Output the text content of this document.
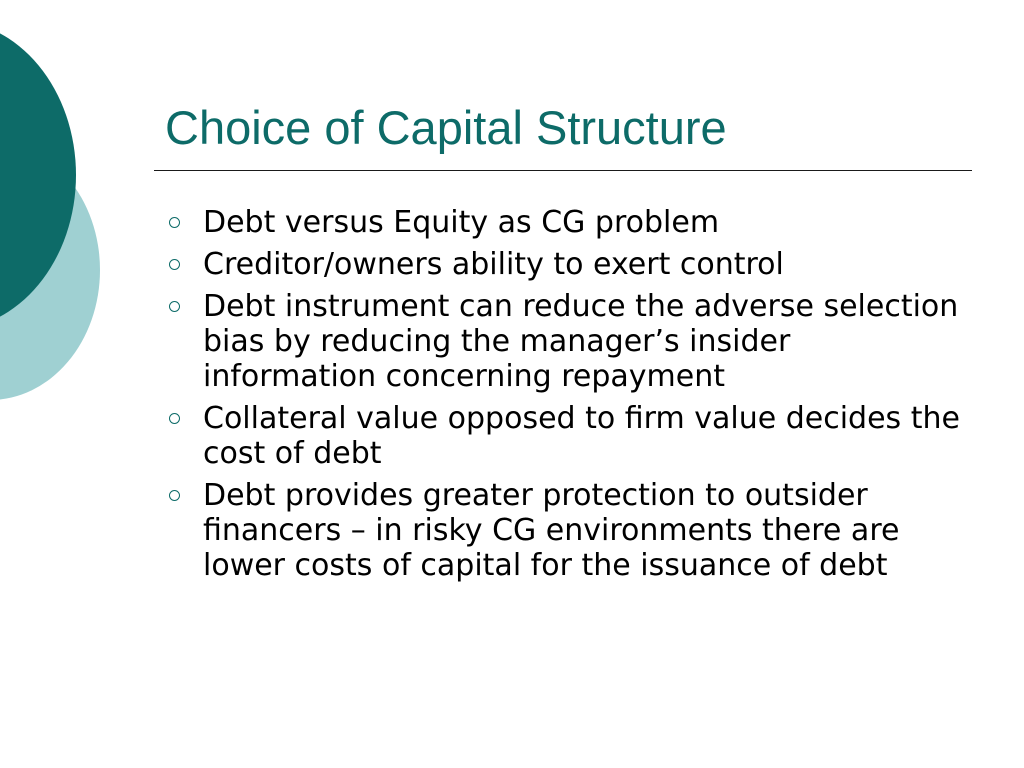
Choice of Capital Structure
Debt versus Equity as CG problem
Creditor/owners ability to exert control
Debt instrument can reduce the adverse selection bias by reducing the manager’s insider information concerning repayment
Collateral value opposed to firm value decides the cost of debt
Debt provides greater protection to outsider financers – in risky CG environments there are lower costs of capital for the issuance of debt
